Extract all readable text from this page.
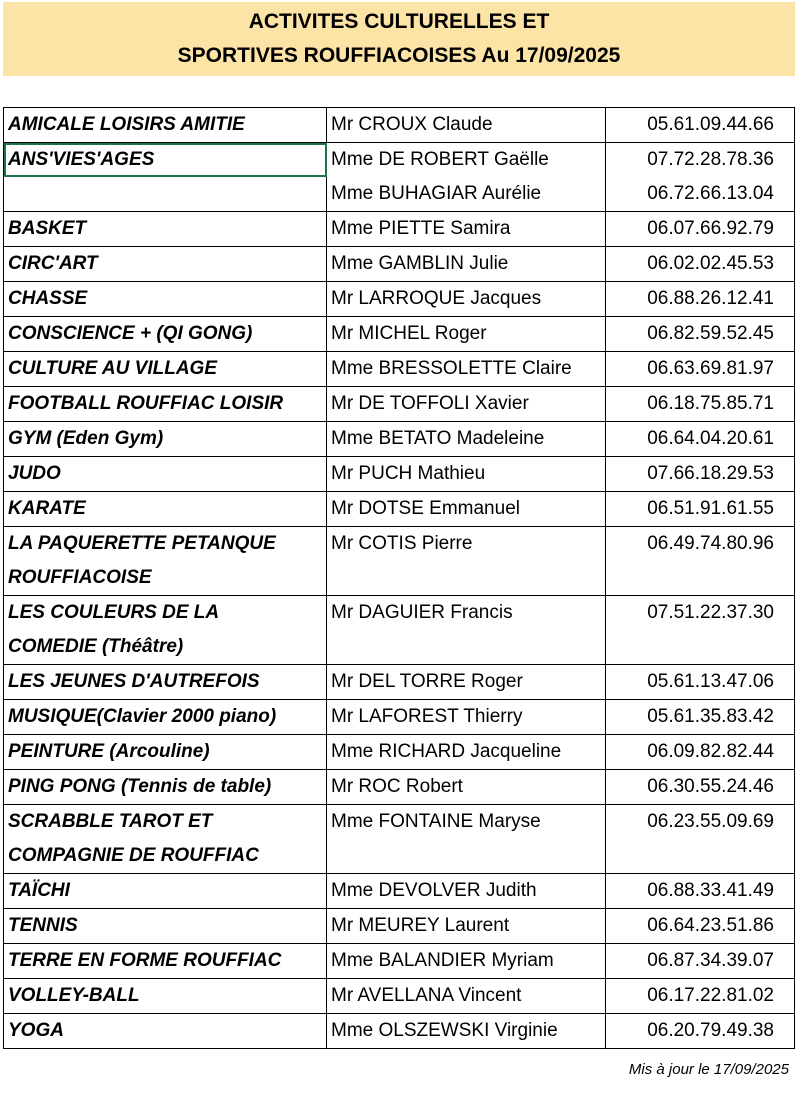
ACTIVITES CULTURELLES ET
SPORTIVES ROUFFIACOISES Au 17/09/2025
AMICALE LOISIRS AMITIE	Mr CROUX Claude	05.61.09.44.66

ANS'VIES'AGES	Mme DE ROBERT Gaëlle	07.72.28.78.36

	Mme BUHAGIAR Aurélie	06.72.66.13.04

BASKET	Mme PIETTE Samira	06.07.66.92.79

CIRC'ART	Mme GAMBLIN Julie	06.02.02.45.53

CHASSE	Mr LARROQUE Jacques	06.88.26.12.41

CONSCIENCE + (QI GONG)	Mr MICHEL Roger	06.82.59.52.45

CULTURE AU VILLAGE	Mme BRESSOLETTE Claire	06.63.69.81.97

FOOTBALL ROUFFIAC LOISIR	Mr DE TOFFOLI Xavier	06.18.75.85.71

GYM (Eden Gym)	Mme BETATO Madeleine	06.64.04.20.61

JUDO	Mr PUCH Mathieu	07.66.18.29.53

KARATE	Mr DOTSE Emmanuel	06.51.91.61.55

LA PAQUERETTE PETANQUE
ROUFFIACOISE	Mr COTIS Pierre	06.49.74.80.96

LES COULEURS DE LA
COMEDIE (Théâtre)	Mr DAGUIER Francis	07.51.22.37.30

LES JEUNES D'AUTREFOIS	Mr DEL TORRE Roger	05.61.13.47.06

MUSIQUE(Clavier 2000 piano)	Mr LAFOREST Thierry	05.61.35.83.42

PEINTURE (Arcouline)	Mme RICHARD Jacqueline	06.09.82.82.44

PING PONG (Tennis de table)	Mr ROC Robert	06.30.55.24.46

SCRABBLE TAROT ET
COMPAGNIE DE ROUFFIAC	Mme FONTAINE Maryse	06.23.55.09.69

TAÏCHI	Mme DEVOLVER Judith	06.88.33.41.49

TENNIS	Mr MEUREY Laurent	06.64.23.51.86

TERRE EN FORME ROUFFIAC	Mme BALANDIER Myriam	06.87.34.39.07

VOLLEY-BALL	Mr AVELLANA Vincent	06.17.22.81.02

YOGA	Mme OLSZEWSKI Virginie	06.20.79.49.38
Mis à jour le 17/09/2025
